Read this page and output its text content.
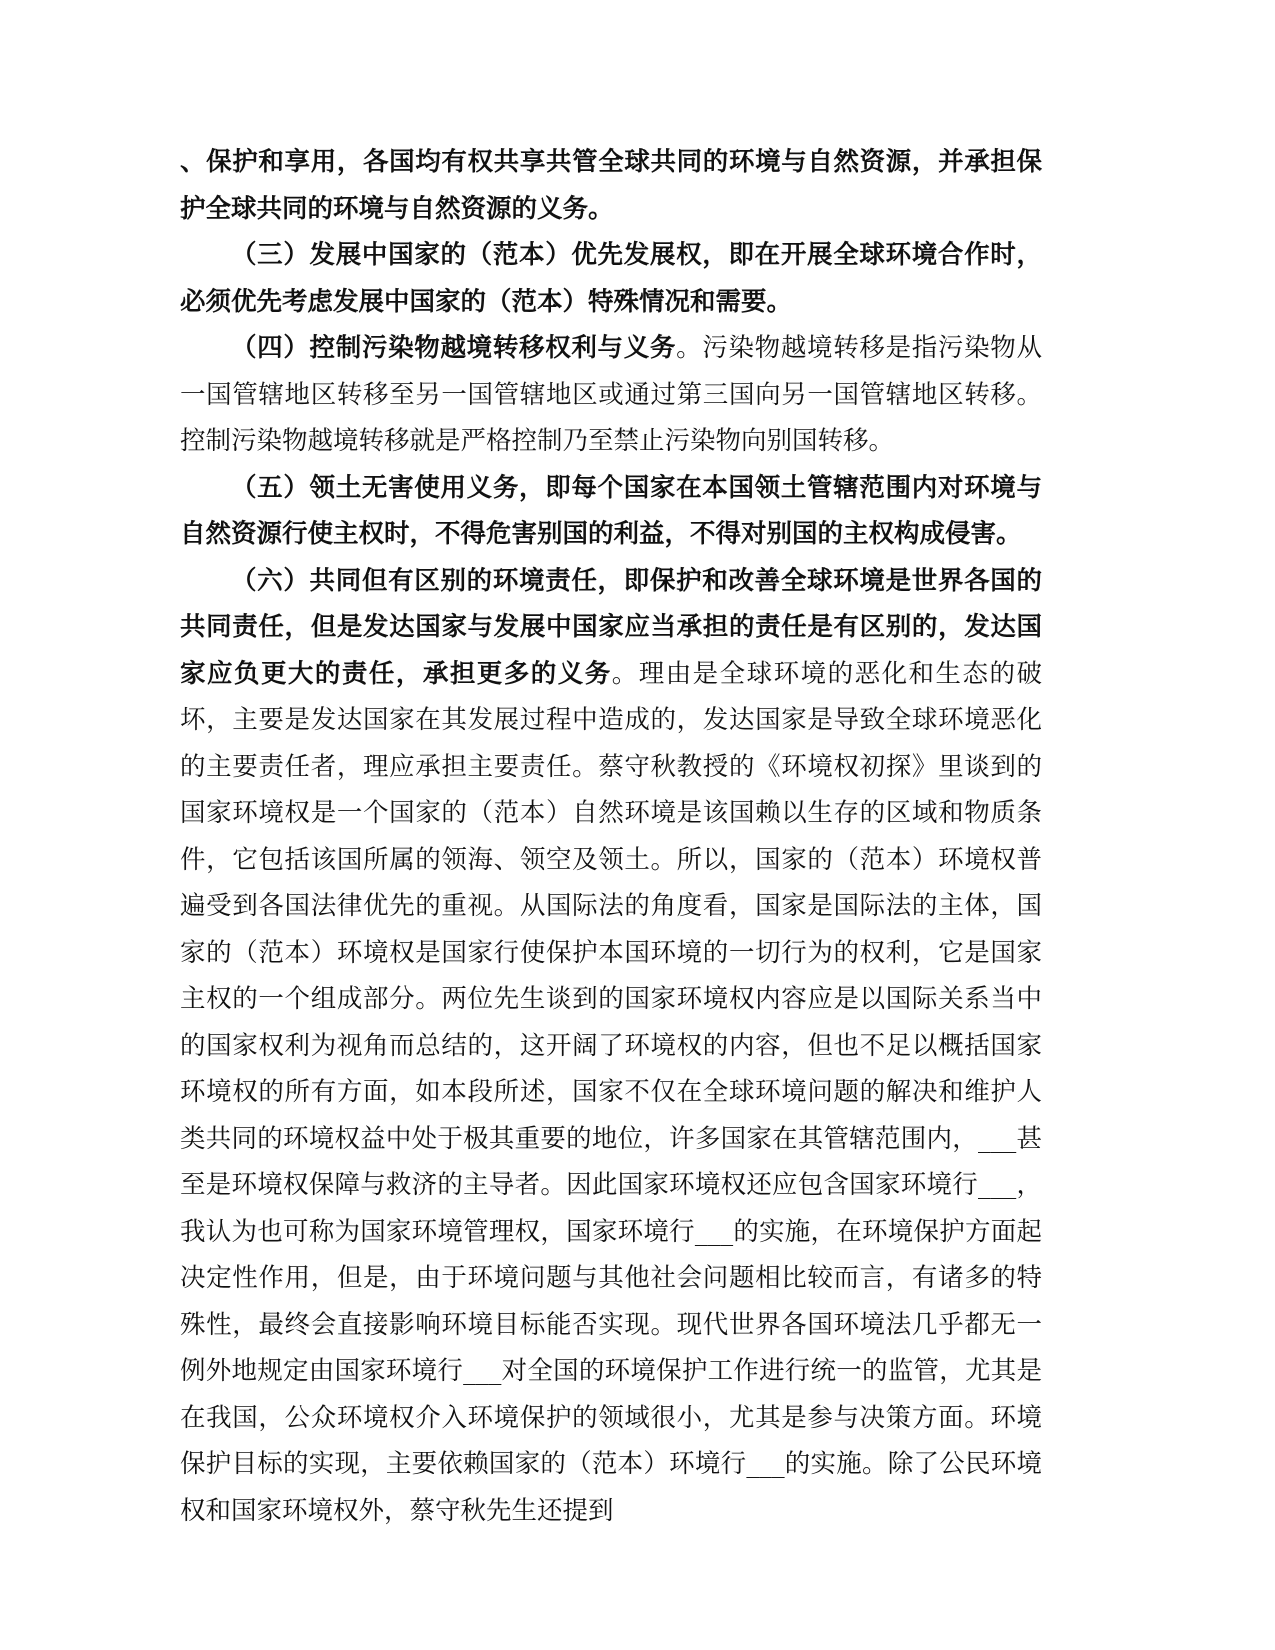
、保护和享用，各国均有权共享共管全球共同的环境与自然资源，并承担保护全球共同的环境与自然资源的义务。

（三）发展中国家的（范本）优先发展权，即在开展全球环境合作时，必须优先考虑发展中国家的（范本）特殊情况和需要。

（四）控制污染物越境转移权利与义务。污染物越境转移是指污染物从一国管辖地区转移至另一国管辖地区或通过第三国向另一国管辖地区转移。控制污染物越境转移就是严格控制乃至禁止污染物向别国转移。

（五）领土无害使用义务，即每个国家在本国领土管辖范围内对环境与自然资源行使主权时，不得危害别国的利益，不得对别国的主权构成侵害。

（六）共同但有区别的环境责任，即保护和改善全球环境是世界各国的共同责任，但是发达国家与发展中国家应当承担的责任是有区别的，发达国家应负更大的责任，承担更多的义务。理由是全球环境的恶化和生态的破坏，主要是发达国家在其发展过程中造成的，发达国家是导致全球环境恶化的主要责任者，理应承担主要责任。蔡守秋教授的《环境权初探》里谈到的国家环境权是一个国家的（范本）自然环境是该国赖以生存的区域和物质条件，它包括该国所属的领海、领空及领土。所以，国家的（范本）环境权普遍受到各国法律优先的重视。从国际法的角度看，国家是国际法的主体，国家的（范本）环境权是国家行使保护本国环境的一切行为的权利，它是国家主权的一个组成部分。两位先生谈到的国家环境权内容应是以国际关系当中的国家权利为视角而总结的，这开阔了环境权的内容，但也不足以概括国家环境权的所有方面，如本段所述，国家不仅在全球环境问题的解决和维护人类共同的环境权益中处于极其重要的地位，许多国家在其管辖范围内，___甚至是环境权保障与救济的主导者。因此国家环境权还应包含国家环境行___，我认为也可称为国家环境管理权，国家环境行___的实施，在环境保护方面起决定性作用，但是，由于环境问题与其他社会问题相比较而言，有诸多的特殊性，最终会直接影响环境目标能否实现。现代世界各国环境法几乎都无一例外地规定由国家环境行___对全国的环境保护工作进行统一的监管，尤其是在我国，公众环境权介入环境保护的领域很小，尤其是参与决策方面。环境保护目标的实现，主要依赖国家的（范本）环境行___的实施。除了公民环境权和国家环境权外，蔡守秋先生还提到
